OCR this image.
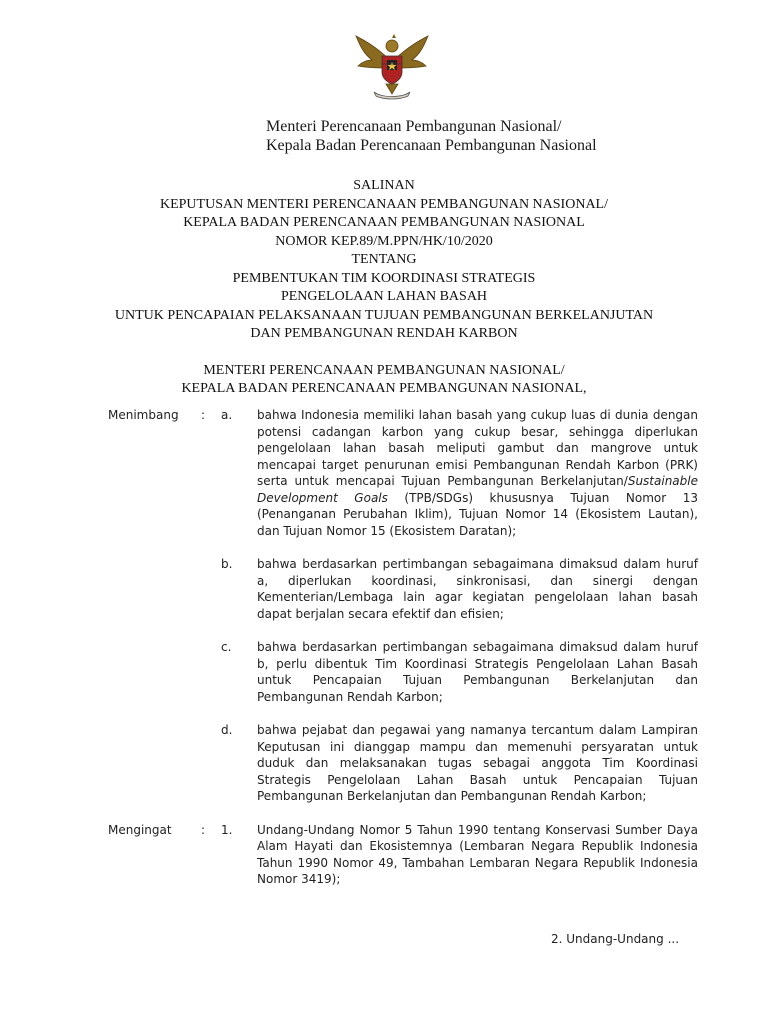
Menteri Perencanaan Pembangunan Nasional/
Kepala Badan Perencanaan Pembangunan Nasional
SALINAN
KEPUTUSAN MENTERI PERENCANAAN PEMBANGUNAN NASIONAL/
KEPALA BADAN PERENCANAAN PEMBANGUNAN NASIONAL
NOMOR KEP.89/M.PPN/HK/10/2020
TENTANG
PEMBENTUKAN TIM KOORDINASI STRATEGIS
PENGELOLAAN LAHAN BASAH
UNTUK PENCAPAIAN PELAKSANAAN TUJUAN PEMBANGUNAN BERKELANJUTAN
DAN PEMBANGUNAN RENDAH KARBON
MENTERI PERENCANAAN PEMBANGUNAN NASIONAL/
KEPALA BADAN PERENCANAAN PEMBANGUNAN NASIONAL,
Menimbang : a. bahwa Indonesia memiliki lahan basah yang cukup luas di dunia dengan potensi cadangan karbon yang cukup besar, sehingga diperlukan pengelolaan lahan basah meliputi gambut dan mangrove untuk mencapai target penurunan emisi Pembangunan Rendah Karbon (PRK) serta untuk mencapai Tujuan Pembangunan Berkelanjutan/Sustainable Development Goals (TPB/SDGs) khususnya Tujuan Nomor 13 (Penanganan Perubahan Iklim), Tujuan Nomor 14 (Ekosistem Lautan), dan Tujuan Nomor 15 (Ekosistem Daratan);
b. bahwa berdasarkan pertimbangan sebagaimana dimaksud dalam huruf a, diperlukan koordinasi, sinkronisasi, dan sinergi dengan Kementerian/Lembaga lain agar kegiatan pengelolaan lahan basah dapat berjalan secara efektif dan efisien;
c. bahwa berdasarkan pertimbangan sebagaimana dimaksud dalam huruf b, perlu dibentuk Tim Koordinasi Strategis Pengelolaan Lahan Basah untuk Pencapaian Tujuan Pembangunan Berkelanjutan dan Pembangunan Rendah Karbon;
d. bahwa pejabat dan pegawai yang namanya tercantum dalam Lampiran Keputusan ini dianggap mampu dan memenuhi persyaratan untuk duduk dan melaksanakan tugas sebagai anggota Tim Koordinasi Strategis Pengelolaan Lahan Basah untuk Pencapaian Tujuan Pembangunan Berkelanjutan dan Pembangunan Rendah Karbon;
Mengingat : 1. Undang-Undang Nomor 5 Tahun 1990 tentang Konservasi Sumber Daya Alam Hayati dan Ekosistemnya (Lembaran Negara Republik Indonesia Tahun 1990 Nomor 49, Tambahan Lembaran Negara Republik Indonesia Nomor 3419);
2. Undang-Undang ...
